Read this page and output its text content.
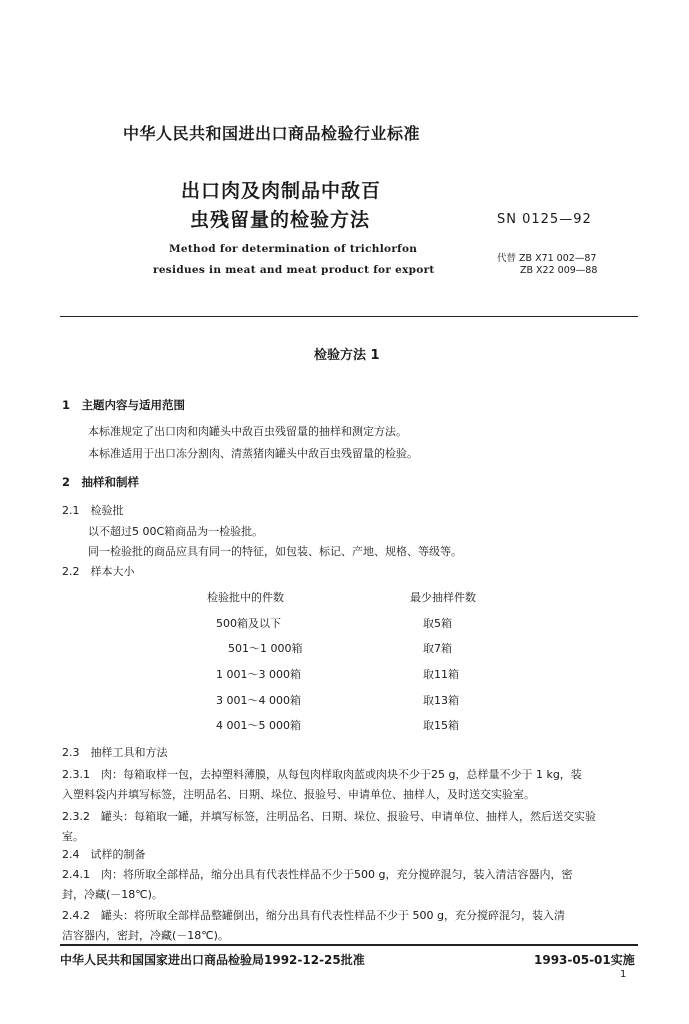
中华人民共和国进出口商品检验行业标准
出口肉及肉制品中敌百
虫残留量的检验方法	SN 0125—92
Method for determination of trichlorfon
residues in meat and meat product for export
代替 ZB X71 002—87
ZB X22 009—88
检验方法 1
1　主题内容与适用范围
本标准规定了出口肉和肉罐头中敌百虫残留量的抽样和测定方法。
本标准适用于出口冻分割肉、清蒸猪肉罐头中敌百虫残留量的检验。
2　抽样和制样
2.1　检验批
以不超过5 00C箱商品为一检验批。
同一检验批的商品应具有同一的特征，如包装、标记、产地、规格、等级等。
2.2　样本大小
检验批中的件数	最少抽样件数
500箱及以下	取5箱
501～1 000箱	取7箱
1 001～3 000箱	取11箱
3 001～4 000箱	取13箱
4 001～5 000箱	取15箱
2.3　抽样工具和方法
2.3.1　肉：每箱取样一包，去掉塑料薄膜，从每包肉样取肉蓝或肉块不少于25 g，总样量不少于 1 kg，装
入塑料袋内并填写标签，注明品名、日期、垛位、报验号、申请单位、抽样人，及时送交实验室。
2.3.2　罐头：每箱取一罐，并填写标签，注明品名、日期、垛位、报验号、申请单位、抽样人，然后送交实验
室。
2.4　试样的制备
2.4.1　肉：将所取全部样品，缩分出具有代表性样品不少于500 g，充分搅碎混匀，装入清洁容器内，密
封，冷藏(－18℃)。
2.4.2　罐头：将所取全部样品整罐倒出，缩分出具有代表性样品不少于 500 g，充分搅碎混匀，装入清
洁容器内，密封，冷藏(－18℃)。
中华人民共和国国家进出口商品检验局1992-12-25批准	1993-05-01实施
1
